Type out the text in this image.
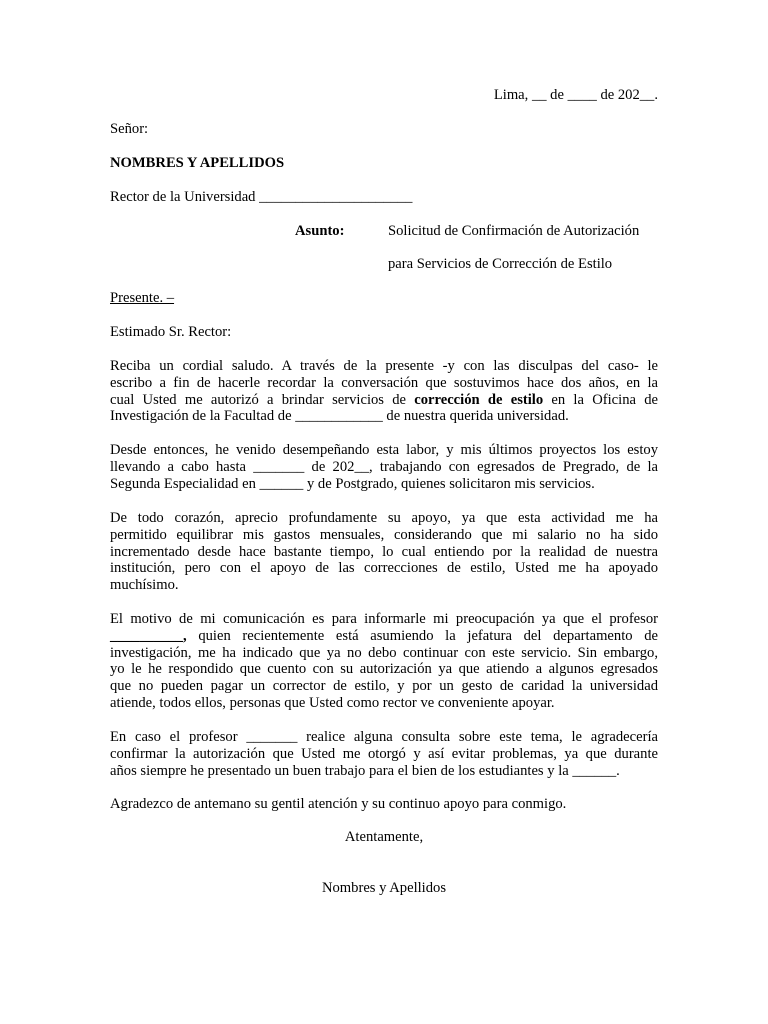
Lima, __ de ____ de 202__.
Señor:
NOMBRES Y APELLIDOS
Rector de la Universidad _____________________
Asunto:	Solicitud de Confirmación de Autorización
para Servicios de Corrección de Estilo
Presente. –
Estimado Sr. Rector:
Reciba un cordial saludo. A través de la presente -y con las disculpas del caso- le
escribo a fin de hacerle recordar la conversación que sostuvimos hace dos años, en la
cual Usted me autorizó a brindar servicios de corrección de estilo en la Oficina de
Investigación de la Facultad de ____________ de nuestra querida universidad.
Desde entonces, he venido desempeñando esta labor, y mis últimos proyectos los estoy
llevando a cabo hasta _______ de 202__, trabajando con egresados de Pregrado, de la
Segunda Especialidad en ______ y de Postgrado, quienes solicitaron mis servicios.
De todo corazón, aprecio profundamente su apoyo, ya que esta actividad me ha
permitido equilibrar mis gastos mensuales, considerando que mi salario no ha sido
incrementado desde hace bastante tiempo, lo cual entiendo por la realidad de nuestra
institución, pero con el apoyo de las correcciones de estilo, Usted me ha apoyado
muchísimo.
El motivo de mi comunicación es para informarle mi preocupación ya que el profesor
__________, quien recientemente está asumiendo la jefatura del departamento de
investigación, me ha indicado que ya no debo continuar con este servicio. Sin embargo,
yo le he respondido que cuento con su autorización ya que atiendo a algunos egresados
que no pueden pagar un corrector de estilo, y por un gesto de caridad la universidad
atiende, todos ellos, personas que Usted como rector ve conveniente apoyar.
En caso el profesor _______ realice alguna consulta sobre este tema, le agradecería
confirmar la autorización que Usted me otorgó y así evitar problemas, ya que durante
años siempre he presentado un buen trabajo para el bien de los estudiantes y la ______.
Agradezco de antemano su gentil atención y su continuo apoyo para conmigo.
Atentamente,
Nombres y Apellidos
